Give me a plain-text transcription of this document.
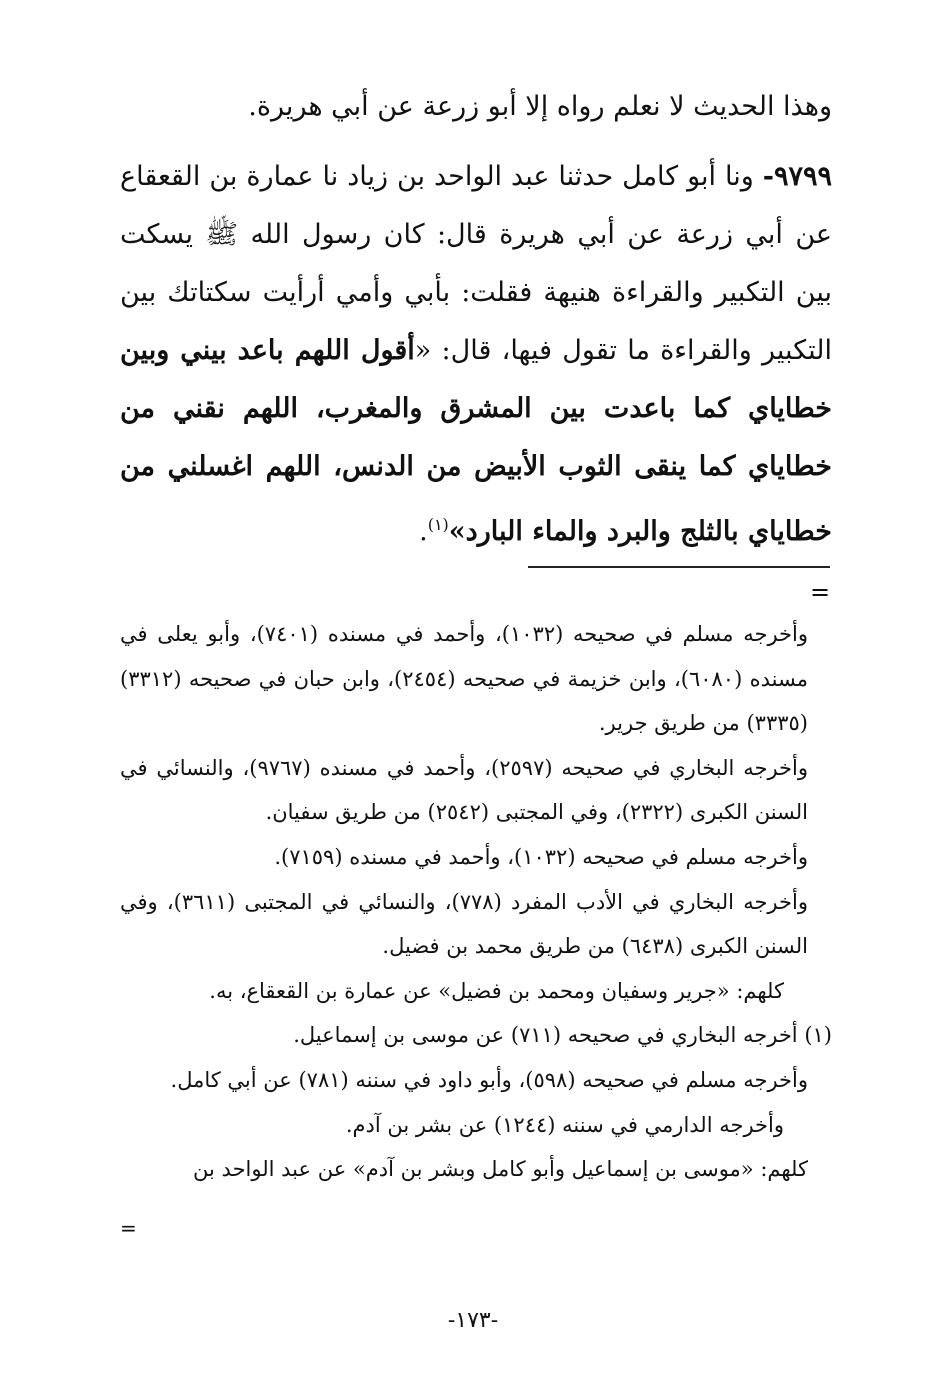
وهذا الحديث لا نعلم رواه إلا أبو زرعة عن أبي هريرة.

٩٧٩٩- ونا أبو كامل حدثنا عبد الواحد بن زياد نا عمارة بن القعقاع عن أبي زرعة عن أبي هريرة قال: كان رسول الله ﷺ يسكت بين التكبير والقراءة هنيهة فقلت: بأبي وأمي أرأيت سكتاتك بين التكبير والقراءة ما تقول فيها، قال: «أقول اللهم باعد بيني وبين خطاياي كما باعدت بين المشرق والمغرب، اللهم نقني من خطاياي كما ينقى الثوب الأبيض من الدنس، اللهم اغسلني من خطاياي بالثلج والبرد والماء البارد»$^{(١)}$.

=

وأخرجه مسلم في صحيحه (١٠٣٢)، وأحمد في مسنده (٧٤٠١)، وأبو يعلى في مسنده (٦٠٨٠)، وابن خزيمة في صحيحه (٢٤٥٤)، وابن حبان في صحيحه (٣٣١٢) (٣٣٣٥) من طريق جرير.

وأخرجه البخاري في صحيحه (٢٥٩٧)، وأحمد في مسنده (٩٧٦٧)، والنسائي في السنن الكبرى (٢٣٢٢)، وفي المجتبى (٢٥٤٢) من طريق سفيان.

وأخرجه مسلم في صحيحه (١٠٣٢)، وأحمد في مسنده (٧١٥٩).

وأخرجه البخاري في الأدب المفرد (٧٧٨)، والنسائي في المجتبى (٣٦١١)، وفي السنن الكبرى (٦٤٣٨) من طريق محمد بن فضيل.

كلهم: «جرير وسفيان ومحمد بن فضيل» عن عمارة بن القعقاع، به.

(١) أخرجه البخاري في صحيحه (٧١١) عن موسى بن إسماعيل.

وأخرجه مسلم في صحيحه (٥٩٨)، وأبو داود في سننه (٧٨١) عن أبي كامل.

وأخرجه الدارمي في سننه (١٢٤٤) عن بشر بن آدم.

كلهم: «موسى بن إسماعيل وأبو كامل وبشر بن آدم» عن عبد الواحد بن

=
-١٧٣-
